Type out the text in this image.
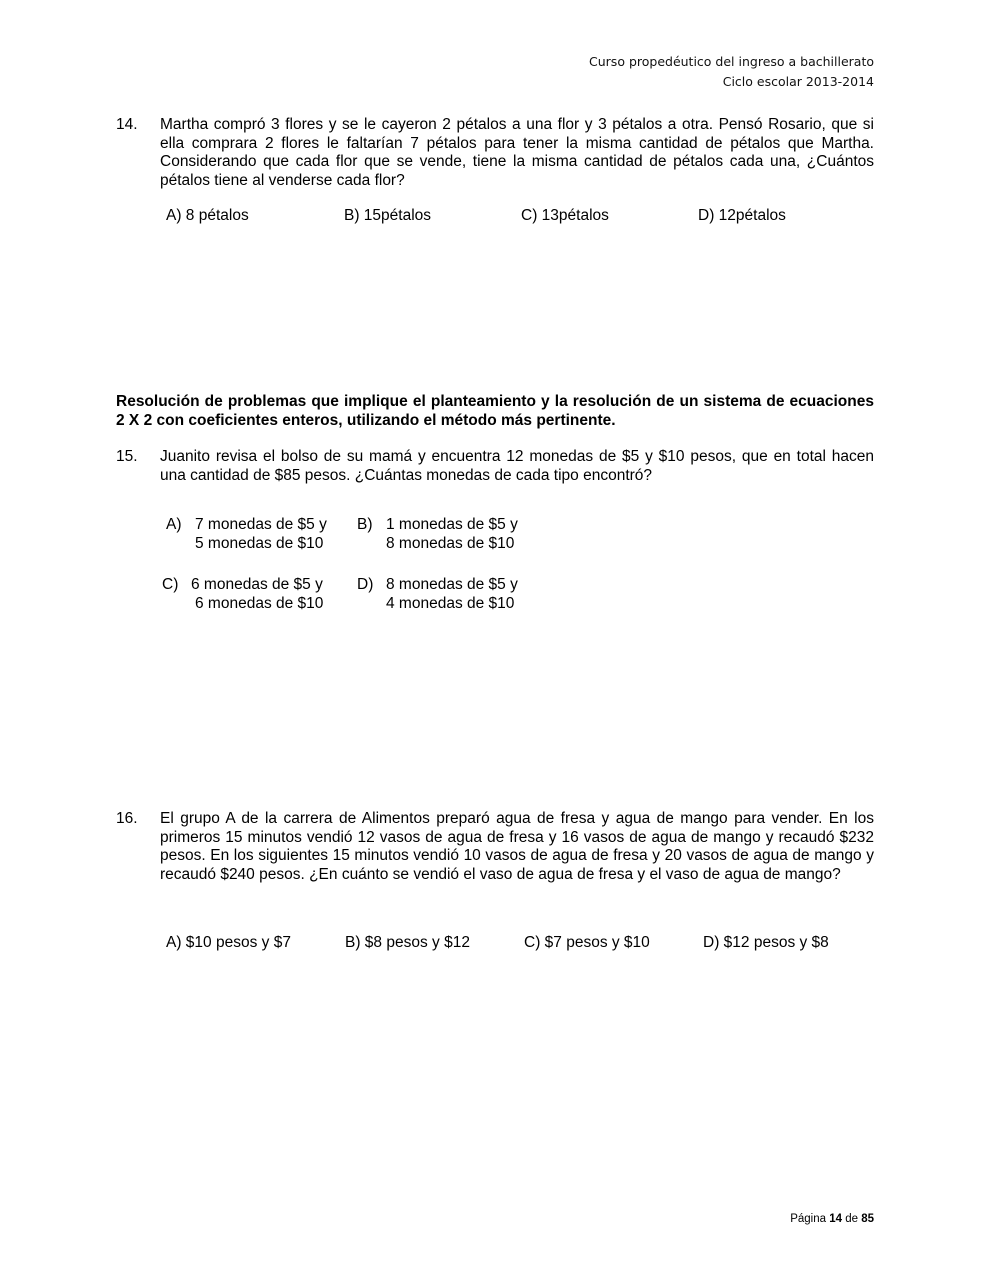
Curso propedéutico del ingreso a bachillerato
Ciclo escolar 2013-2014
14. Martha compró 3 flores y se le cayeron 2 pétalos a una flor y 3 pétalos a otra. Pensó Rosario, que si ella comprara 2 flores le faltarían 7 pétalos para tener la misma cantidad de pétalos que Martha. Considerando que cada flor que se vende, tiene la misma cantidad de pétalos cada una, ¿Cuántos pétalos tiene al venderse cada flor?
A) 8 pétalos	B) 15pétalos	C) 13pétalos	D) 12pétalos
Resolución de problemas que implique el planteamiento y la resolución de un sistema de ecuaciones 2 X 2 con coeficientes enteros, utilizando el método más pertinente.
15. Juanito revisa el bolso de su mamá y encuentra 12 monedas de $5 y $10 pesos, que en total hacen una cantidad de $85 pesos. ¿Cuántas monedas de cada tipo encontró?
A) 7 monedas de $5 y
5 monedas de $10
B) 1 monedas de $5 y
8 monedas de $10
C) 6 monedas de $5 y
6 monedas de $10
D) 8 monedas de $5 y
4 monedas de $10
16. El grupo A de la carrera de Alimentos preparó agua de fresa y agua de mango para vender. En los primeros 15 minutos vendió 12 vasos de agua de fresa y 16 vasos de agua de mango y recaudó $232 pesos. En los siguientes 15 minutos vendió 10 vasos de agua de fresa y 20 vasos de agua de mango y recaudó $240 pesos. ¿En cuánto se vendió el vaso de agua de fresa y el vaso de agua de mango?
A) $10 pesos y $7	B) $8 pesos y $12	C) $7 pesos y $10	D) $12 pesos y $8
Página 14 de 85
